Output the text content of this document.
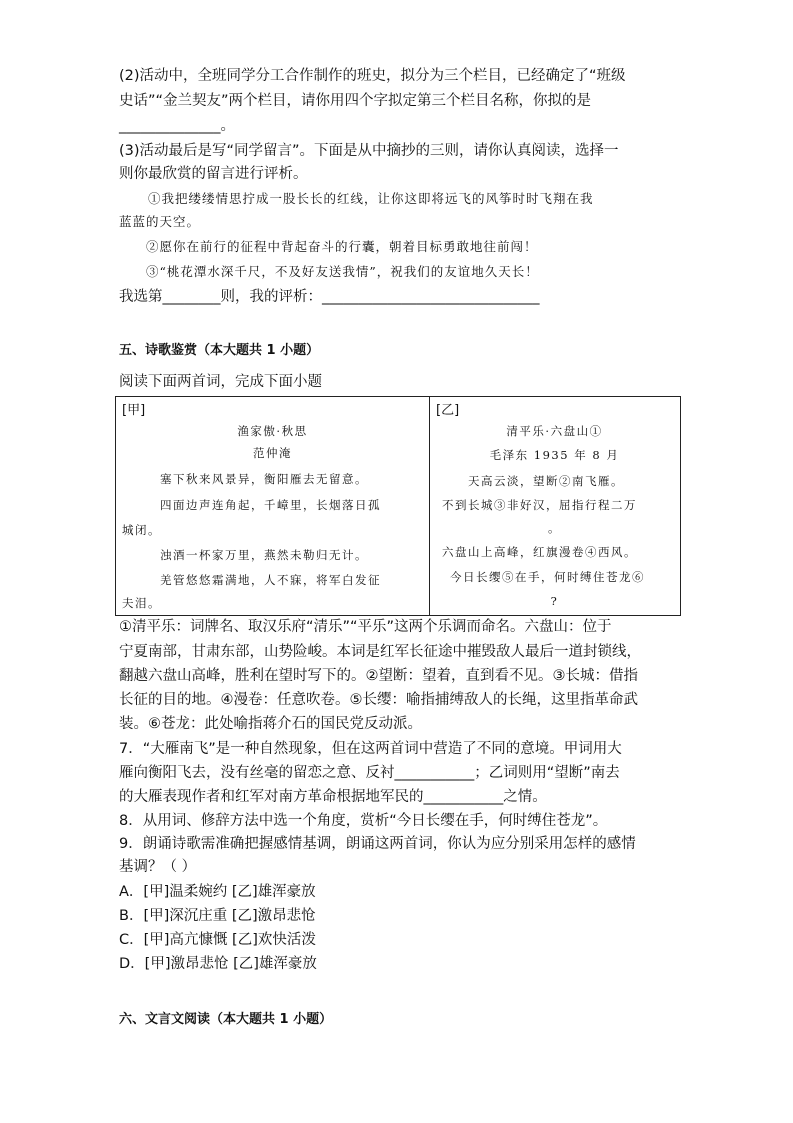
(2)活动中，全班同学分工合作制作的班史，拟分为三个栏目，已经确定了“班级
史话”“金兰契友”两个栏目，请你用四个字拟定第三个栏目名称，你拟的是
______________。
(3)活动最后是写“同学留言”。下面是从中摘抄的三则，请你认真阅读，选择一
则你最欣赏的留言进行评析。
①我把缕缕情思拧成一股长长的红线，让你这即将远飞的风筝时时飞翔在我
蓝蓝的天空。
②愿你在前行的征程中背起奋斗的行囊，朝着目标勇敢地往前闯！
③“桃花潭水深千尺，不及好友送我情”，祝我们的友谊地久天长！
我选第________则，我的评析：______________________________
五、诗歌鉴赏（本大题共 1 小题）
阅读下面两首词，完成下面小题
[甲]
渔家傲·秋思
范仲淹
塞下秋来风景异，衡阳雁去无留意。
四面边声连角起，千嶂里，长烟落日孤
城闭。
浊酒一杯家万里，燕然未勒归无计。
羌管悠悠霜满地，人不寐，将军白发征
夫泪。
[乙]
清平乐·六盘山①
毛泽东 1935 年 8 月
天高云淡，望断②南飞雁。
不到长城③非好汉，屈指行程二万
。
六盘山上高峰，红旗漫卷④西风。
今日长缨⑤在手，何时缚住苍龙⑥
?
①清平乐：词牌名、取汉乐府“清乐”“平乐”这两个乐调而命名。六盘山：位于
宁夏南部，甘肃东部，山势险峻。本词是红军长征途中摧毁敌人最后一道封锁线，
翻越六盘山高峰，胜利在望时写下的。②望断：望着，直到看不见。③长城：借指
长征的目的地。④漫卷：任意吹卷。⑤长缨：喻指捕缚敌人的长绳，这里指革命武
装。⑥苍龙：此处喻指蒋介石的国民党反动派。
7．“大雁南飞”是一种自然现象，但在这两首词中营造了不同的意境。甲词用大
雁向衡阳飞去，没有丝毫的留恋之意、反衬___________；乙词则用“望断”南去
的大雁表现作者和红军对南方革命根据地军民的___________之情。
8．从用词、修辞方法中选一个角度，赏析“今日长缨在手，何时缚住苍龙”。
9．朗诵诗歌需准确把握感情基调，朗诵这两首词，你认为应分别采用怎样的感情
基调？（ ）
A．[甲]温柔婉约 [乙]雄浑豪放
B．[甲]深沉庄重 [乙]激昂悲怆
C．[甲]高亢慷慨 [乙]欢快活泼
D．[甲]激昂悲怆 [乙]雄浑豪放
六、文言文阅读（本大题共 1 小题）
